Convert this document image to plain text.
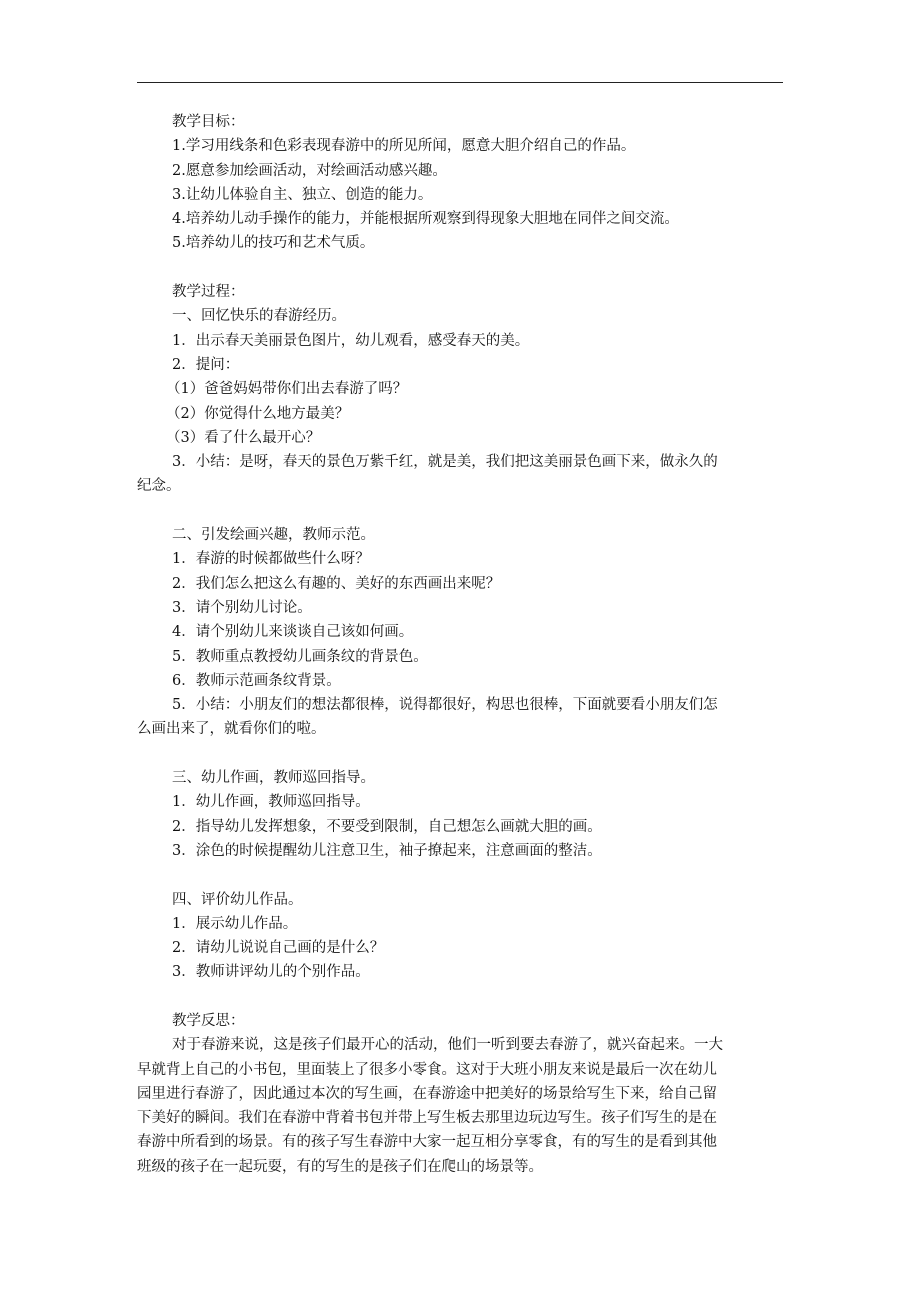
教学目标：
1.学习用线条和色彩表现春游中的所见所闻，愿意大胆介绍自己的作品。
2.愿意参加绘画活动，对绘画活动感兴趣。
3.让幼儿体验自主、独立、创造的能力。
4.培养幼儿动手操作的能力，并能根据所观察到得现象大胆地在同伴之间交流。
5.培养幼儿的技巧和艺术气质。
教学过程：
一、回忆快乐的春游经历。
1．出示春天美丽景色图片，幼儿观看，感受春天的美。
2．提问：
（1）爸爸妈妈带你们出去春游了吗？
（2）你觉得什么地方最美？
（3）看了什么最开心？
3．小结：是呀，春天的景色万紫千红，就是美，我们把这美丽景色画下来，做永久的
纪念。
二、引发绘画兴趣，教师示范。
1．春游的时候都做些什么呀？
2．我们怎么把这么有趣的、美好的东西画出来呢？
3．请个别幼儿讨论。
4．请个别幼儿来谈谈自己该如何画。
5．教师重点教授幼儿画条纹的背景色。
6．教师示范画条纹背景。
5．小结：小朋友们的想法都很棒，说得都很好，构思也很棒，下面就要看小朋友们怎
么画出来了，就看你们的啦。
三、幼儿作画，教师巡回指导。
1．幼儿作画，教师巡回指导。
2．指导幼儿发挥想象，不要受到限制，自己想怎么画就大胆的画。
3．涂色的时候提醒幼儿注意卫生，袖子撩起来，注意画面的整洁。
四、评价幼儿作品。
1．展示幼儿作品。
2．请幼儿说说自己画的是什么？
3．教师讲评幼儿的个别作品。
教学反思：
对于春游来说，这是孩子们最开心的活动，他们一听到要去春游了，就兴奋起来。一大
早就背上自己的小书包，里面装上了很多小零食。这对于大班小朋友来说是最后一次在幼儿
园里进行春游了，因此通过本次的写生画，在春游途中把美好的场景给写生下来，给自己留
下美好的瞬间。我们在春游中背着书包并带上写生板去那里边玩边写生。孩子们写生的是在
春游中所看到的场景。有的孩子写生春游中大家一起互相分享零食，有的写生的是看到其他
班级的孩子在一起玩耍，有的写生的是孩子们在爬山的场景等。
